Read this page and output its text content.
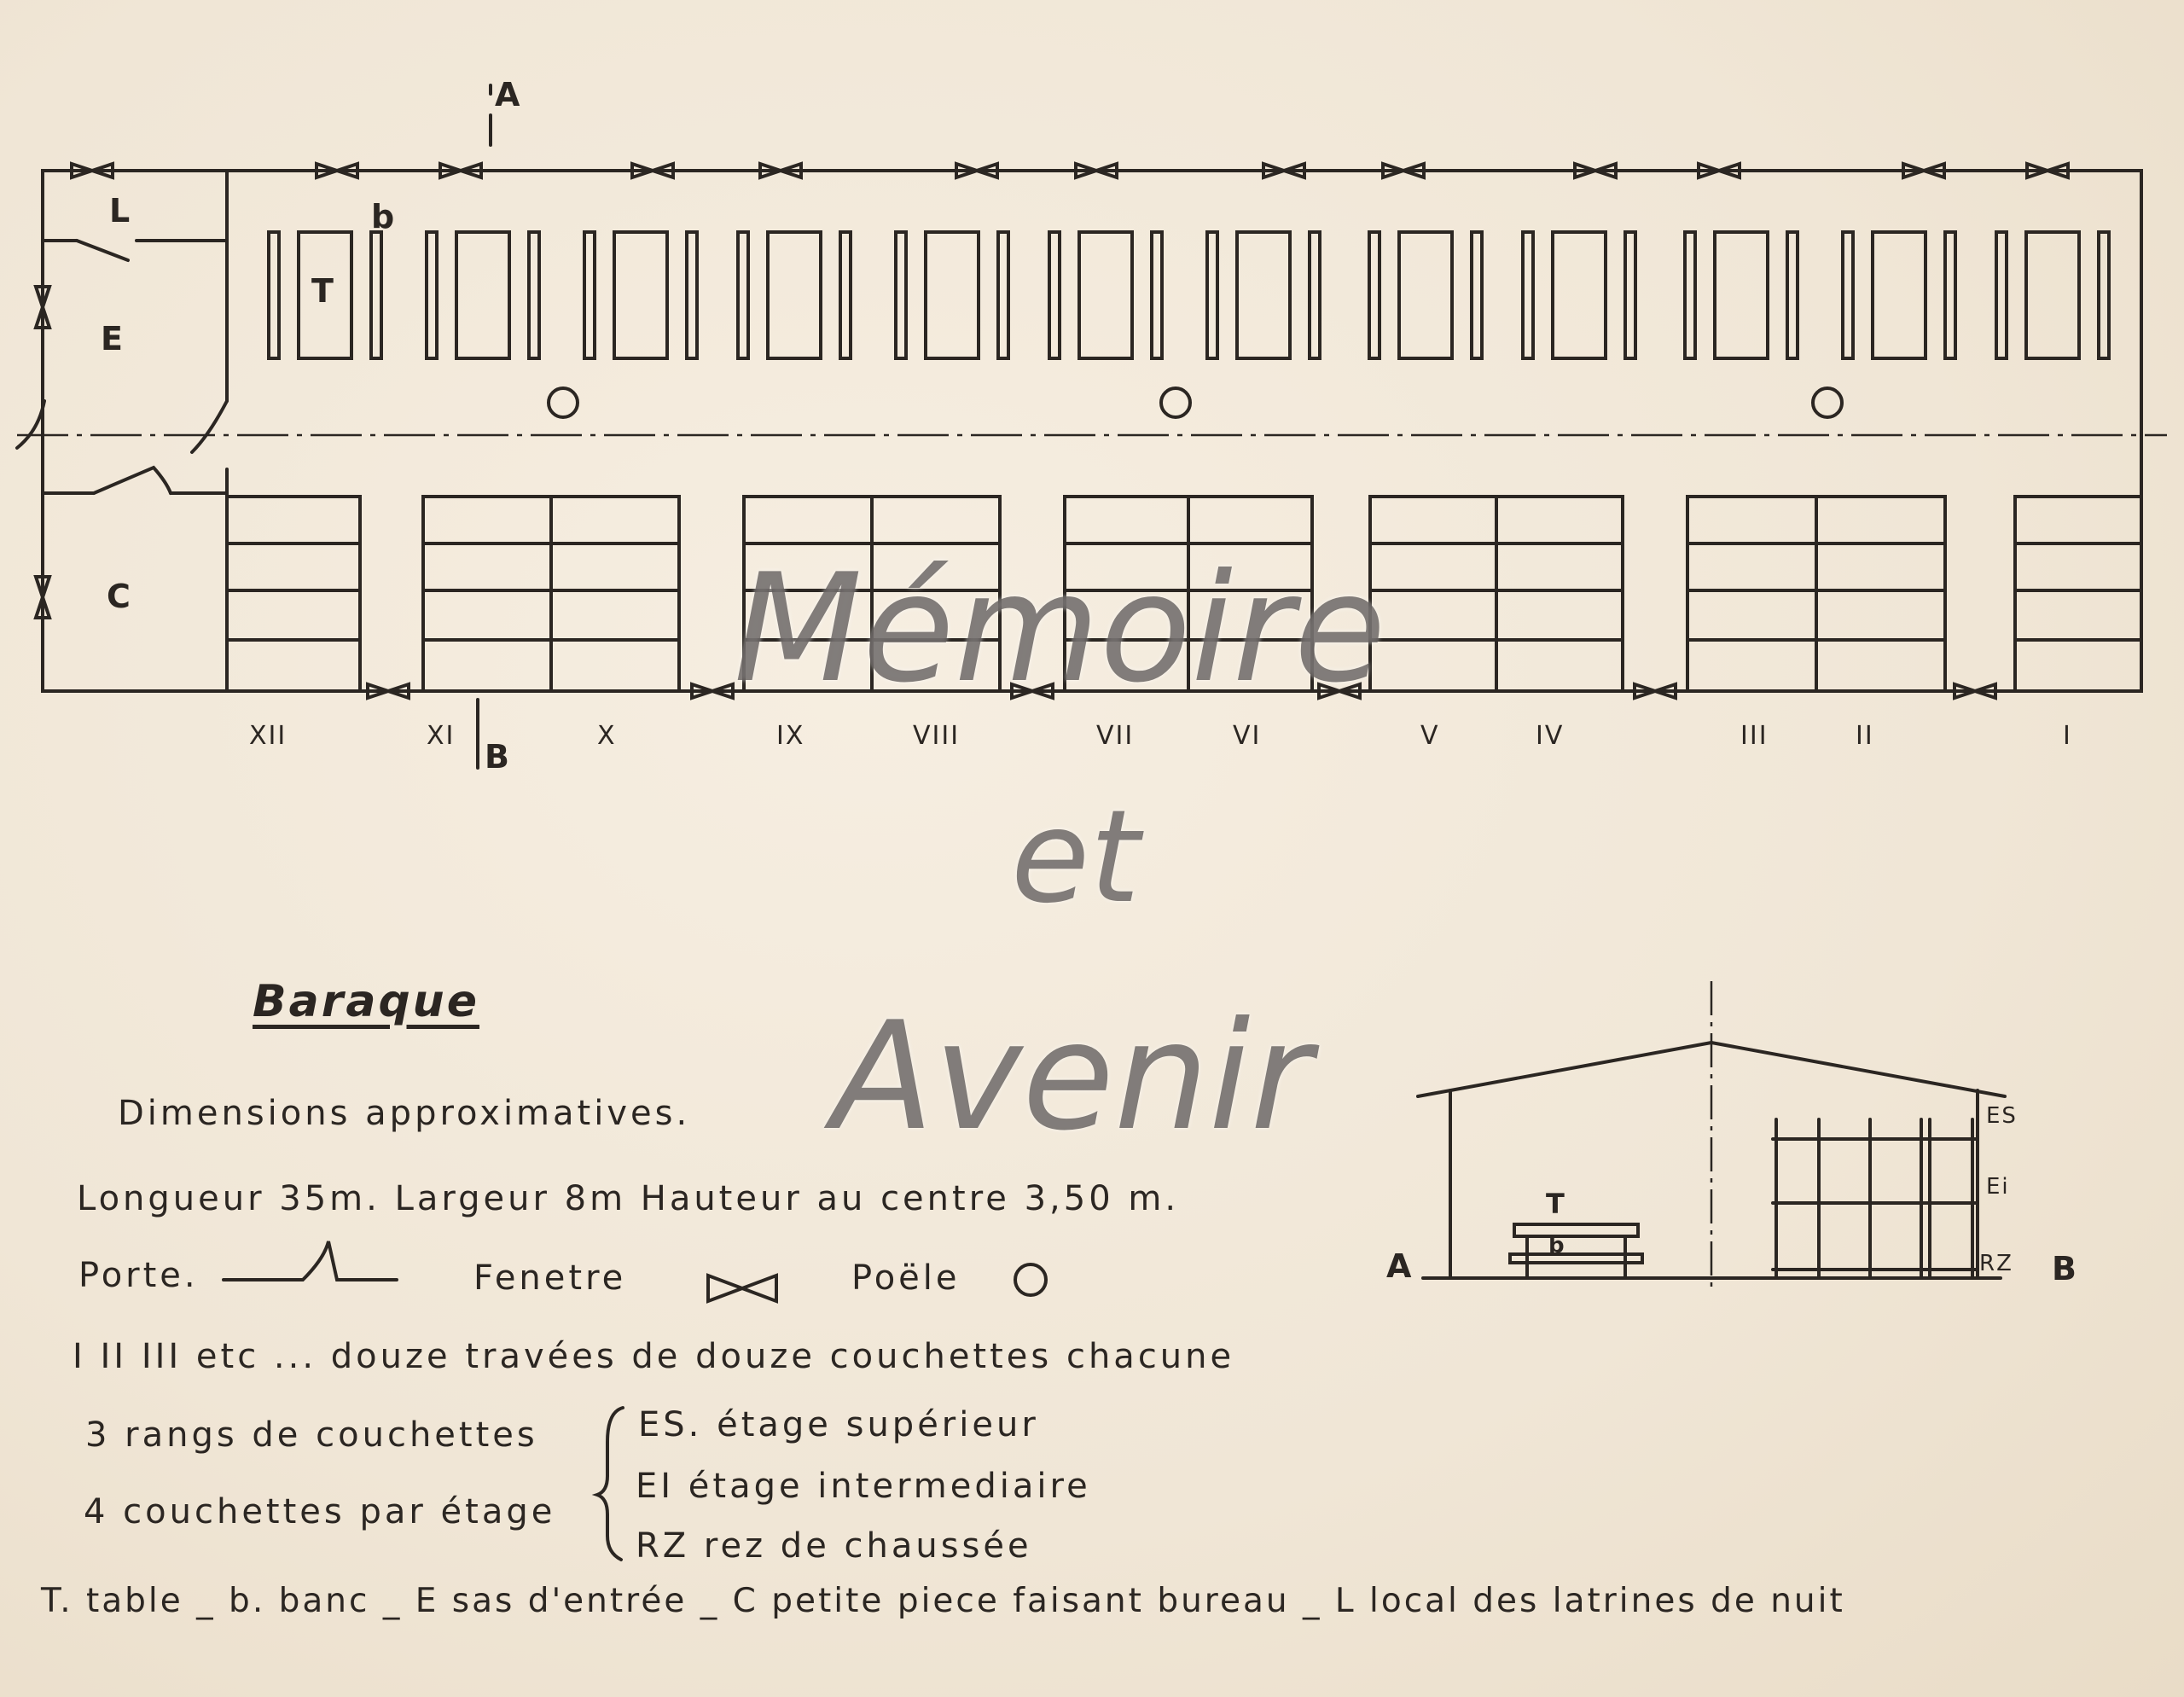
A
B
L
E
C
T
b
XII	XI	X	IX	VIII	VII	VI	V	IV	III	II	I
Mémoire
et
Avenir
Baraque
Dimensions approximatives.
Longueur 35m. Largeur 8m Hauteur au centre 3,50 m.
Porte.	Fenetre	Poële
I II III etc ... douze travées de douze couchettes chacune
3 rangs de couchettes
4 couchettes par étage
ES. étage supérieur
EI étage intermediaire
RZ rez de chaussée
T. table _ b. banc _ E sas d'entrée _ C petite piece faisant bureau _ L local des latrines de nuit
A	B
ES
Ei
RZ
T
b
